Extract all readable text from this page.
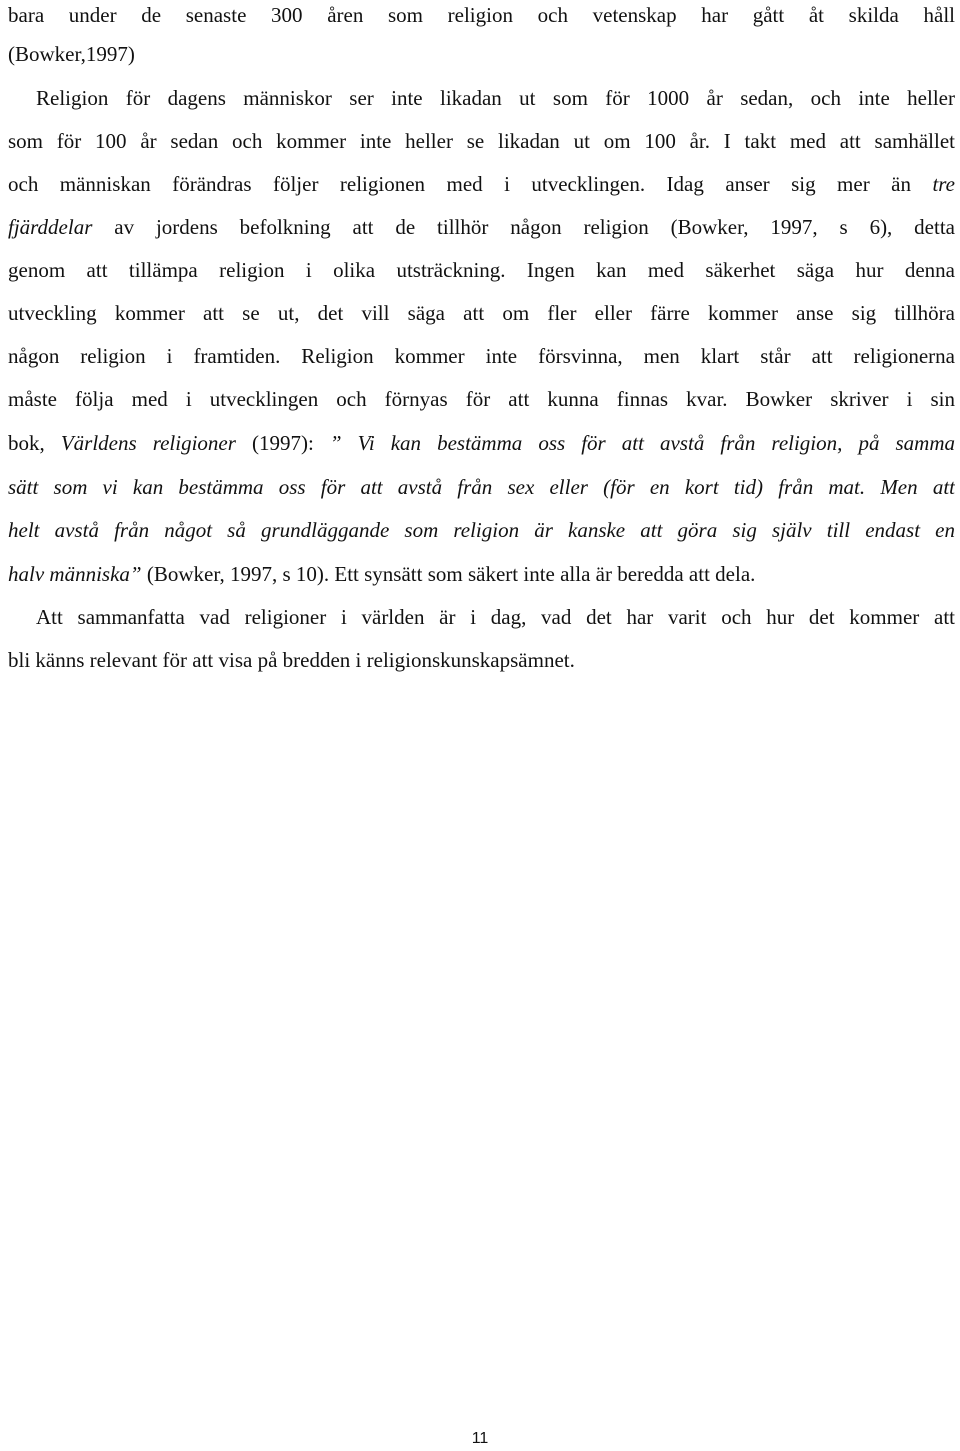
bara under de senaste 300 åren som religion och vetenskap har gått åt skilda håll
(Bowker,1997)
Religion för dagens människor ser inte likadan ut som för 1000 år sedan, och inte heller
som för 100 år sedan och kommer inte heller se likadan ut om 100 år. I takt med att samhället
och människan förändras följer religionen med i utvecklingen. Idag anser sig mer än tre
fjärddelar av jordens befolkning att de tillhör någon religion (Bowker, 1997, s 6), detta
genom att tillämpa religion i olika utsträckning. Ingen kan med säkerhet säga hur denna
utveckling kommer att se ut, det vill säga att om fler eller färre kommer anse sig tillhöra
någon religion i framtiden. Religion kommer inte försvinna, men klart står att religionerna
måste följa med i utvecklingen och förnyas för att kunna finnas kvar. Bowker skriver i sin
bok, Världens religioner (1997): ” Vi kan bestämma oss för att avstå från religion, på samma
sätt som vi kan bestämma oss för att avstå från sex eller (för en kort tid) från mat. Men att
helt avstå från något så grundläggande som religion är kanske att göra sig själv till endast en
halv människa” (Bowker, 1997, s 10). Ett synsätt som säkert inte alla är beredda att dela.
Att sammanfatta vad religioner i världen är i dag, vad det har varit och hur det kommer att
bli känns relevant för att visa på bredden i religionskunskapsämnet.
11
